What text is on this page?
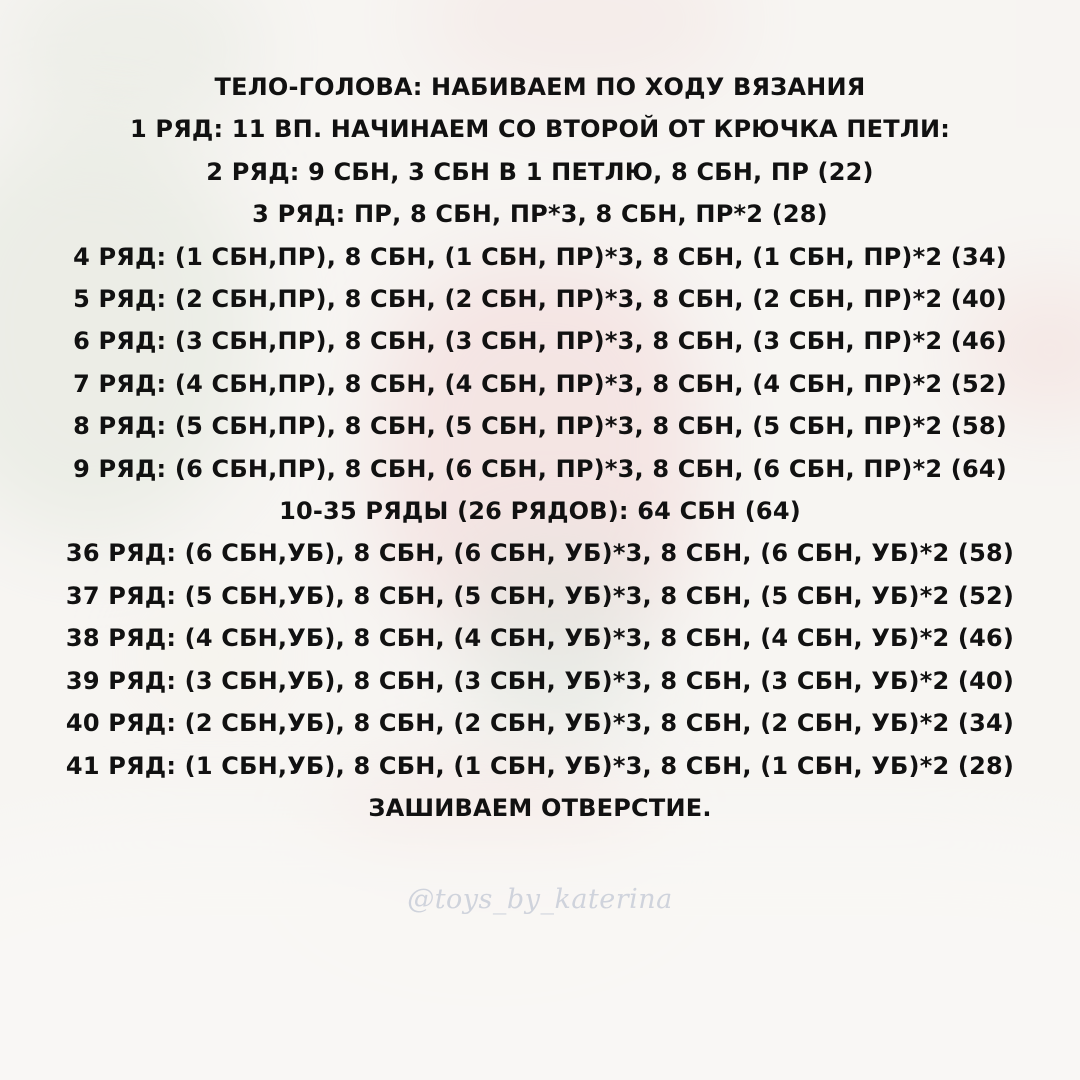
ТЕЛО-ГОЛОВА: НАБИВАЕМ ПО ХОДУ ВЯЗАНИЯ
1 РЯД: 11 ВП. НАЧИНАЕМ СО ВТОРОЙ ОТ КРЮЧКА ПЕТЛИ:
2 РЯД: 9 СБН, 3 СБН В 1 ПЕТЛЮ, 8 СБН, ПР (22)
3 РЯД: ПР, 8 СБН, ПР*3, 8 СБН, ПР*2 (28)
4 РЯД: (1 СБН,ПР), 8 СБН, (1 СБН, ПР)*3, 8 СБН, (1 СБН, ПР)*2 (34)
5 РЯД: (2 СБН,ПР), 8 СБН, (2 СБН, ПР)*3, 8 СБН, (2 СБН, ПР)*2 (40)
6 РЯД: (3 СБН,ПР), 8 СБН, (3 СБН, ПР)*3, 8 СБН, (3 СБН, ПР)*2 (46)
7 РЯД: (4 СБН,ПР), 8 СБН, (4 СБН, ПР)*3, 8 СБН, (4 СБН, ПР)*2 (52)
8 РЯД: (5 СБН,ПР), 8 СБН, (5 СБН, ПР)*3, 8 СБН, (5 СБН, ПР)*2 (58)
9 РЯД: (6 СБН,ПР), 8 СБН, (6 СБН, ПР)*3, 8 СБН, (6 СБН, ПР)*2 (64)
10-35 РЯДЫ (26 РЯДОВ): 64 СБН (64)
36 РЯД: (6 СБН,УБ), 8 СБН, (6 СБН, УБ)*3, 8 СБН, (6 СБН, УБ)*2 (58)
37 РЯД: (5 СБН,УБ), 8 СБН, (5 СБН, УБ)*3, 8 СБН, (5 СБН, УБ)*2 (52)
38 РЯД: (4 СБН,УБ), 8 СБН, (4 СБН, УБ)*3, 8 СБН, (4 СБН, УБ)*2 (46)
39 РЯД: (3 СБН,УБ), 8 СБН, (3 СБН, УБ)*3, 8 СБН, (3 СБН, УБ)*2 (40)
40 РЯД: (2 СБН,УБ), 8 СБН, (2 СБН, УБ)*3, 8 СБН, (2 СБН, УБ)*2 (34)
41 РЯД: (1 СБН,УБ), 8 СБН, (1 СБН, УБ)*3, 8 СБН, (1 СБН, УБ)*2 (28)
ЗАШИВАЕМ ОТВЕРСТИЕ.
@toys_by_katerina
